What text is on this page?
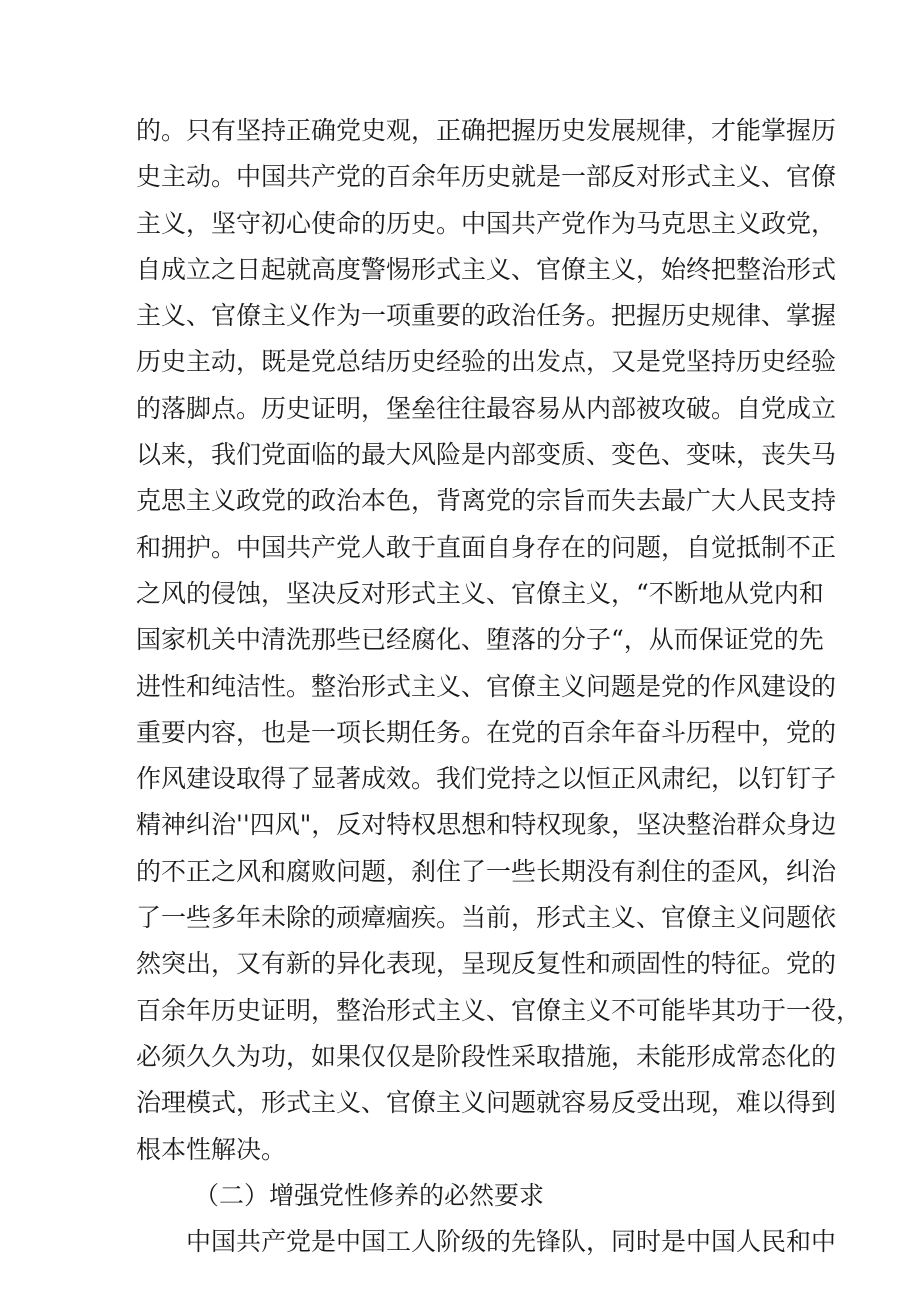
的。只有坚持正确党史观，正确把握历史发展规律，才能掌握历
史主动。中国共产党的百余年历史就是一部反对形式主义、官僚
主义，坚守初心使命的历史。中国共产党作为马克思主义政党，
自成立之日起就高度警惕形式主义、官僚主义，始终把整治形式
主义、官僚主义作为一项重要的政治任务。把握历史规律、掌握
历史主动，既是党总结历史经验的出发点，又是党坚持历史经验
的落脚点。历史证明，堡垒往往最容易从内部被攻破。自党成立
以来，我们党面临的最大风险是内部变质、变色、变味，丧失马
克思主义政党的政治本色，背离党的宗旨而失去最广大人民支持
和拥护。中国共产党人敢于直面自身存在的问题，自觉抵制不正
之风的侵蚀，坚决反对形式主义、官僚主义，“不断地从党内和
国家机关中清洗那些已经腐化、堕落的分子“，从而保证党的先
进性和纯洁性。整治形式主义、官僚主义问题是党的作风建设的
重要内容，也是一项长期任务。在党的百余年奋斗历程中，党的
作风建设取得了显著成效。我们党持之以恒正风肃纪，以钉钉子
精神纠治''四风"，反对特权思想和特权现象，坚决整治群众身边
的不正之风和腐败问题，刹住了一些长期没有刹住的歪风，纠治
了一些多年未除的顽瘴痼疾。当前，形式主义、官僚主义问题依
然突出，又有新的异化表现，呈现反复性和顽固性的特征。党的
百余年历史证明，整治形式主义、官僚主义不可能毕其功于一役，
必须久久为功，如果仅仅是阶段性采取措施，未能形成常态化的
治理模式，形式主义、官僚主义问题就容易反受出现，难以得到
根本性解决。
（二）增强党性修养的必然要求
中国共产党是中国工人阶级的先锋队，同时是中国人民和中
